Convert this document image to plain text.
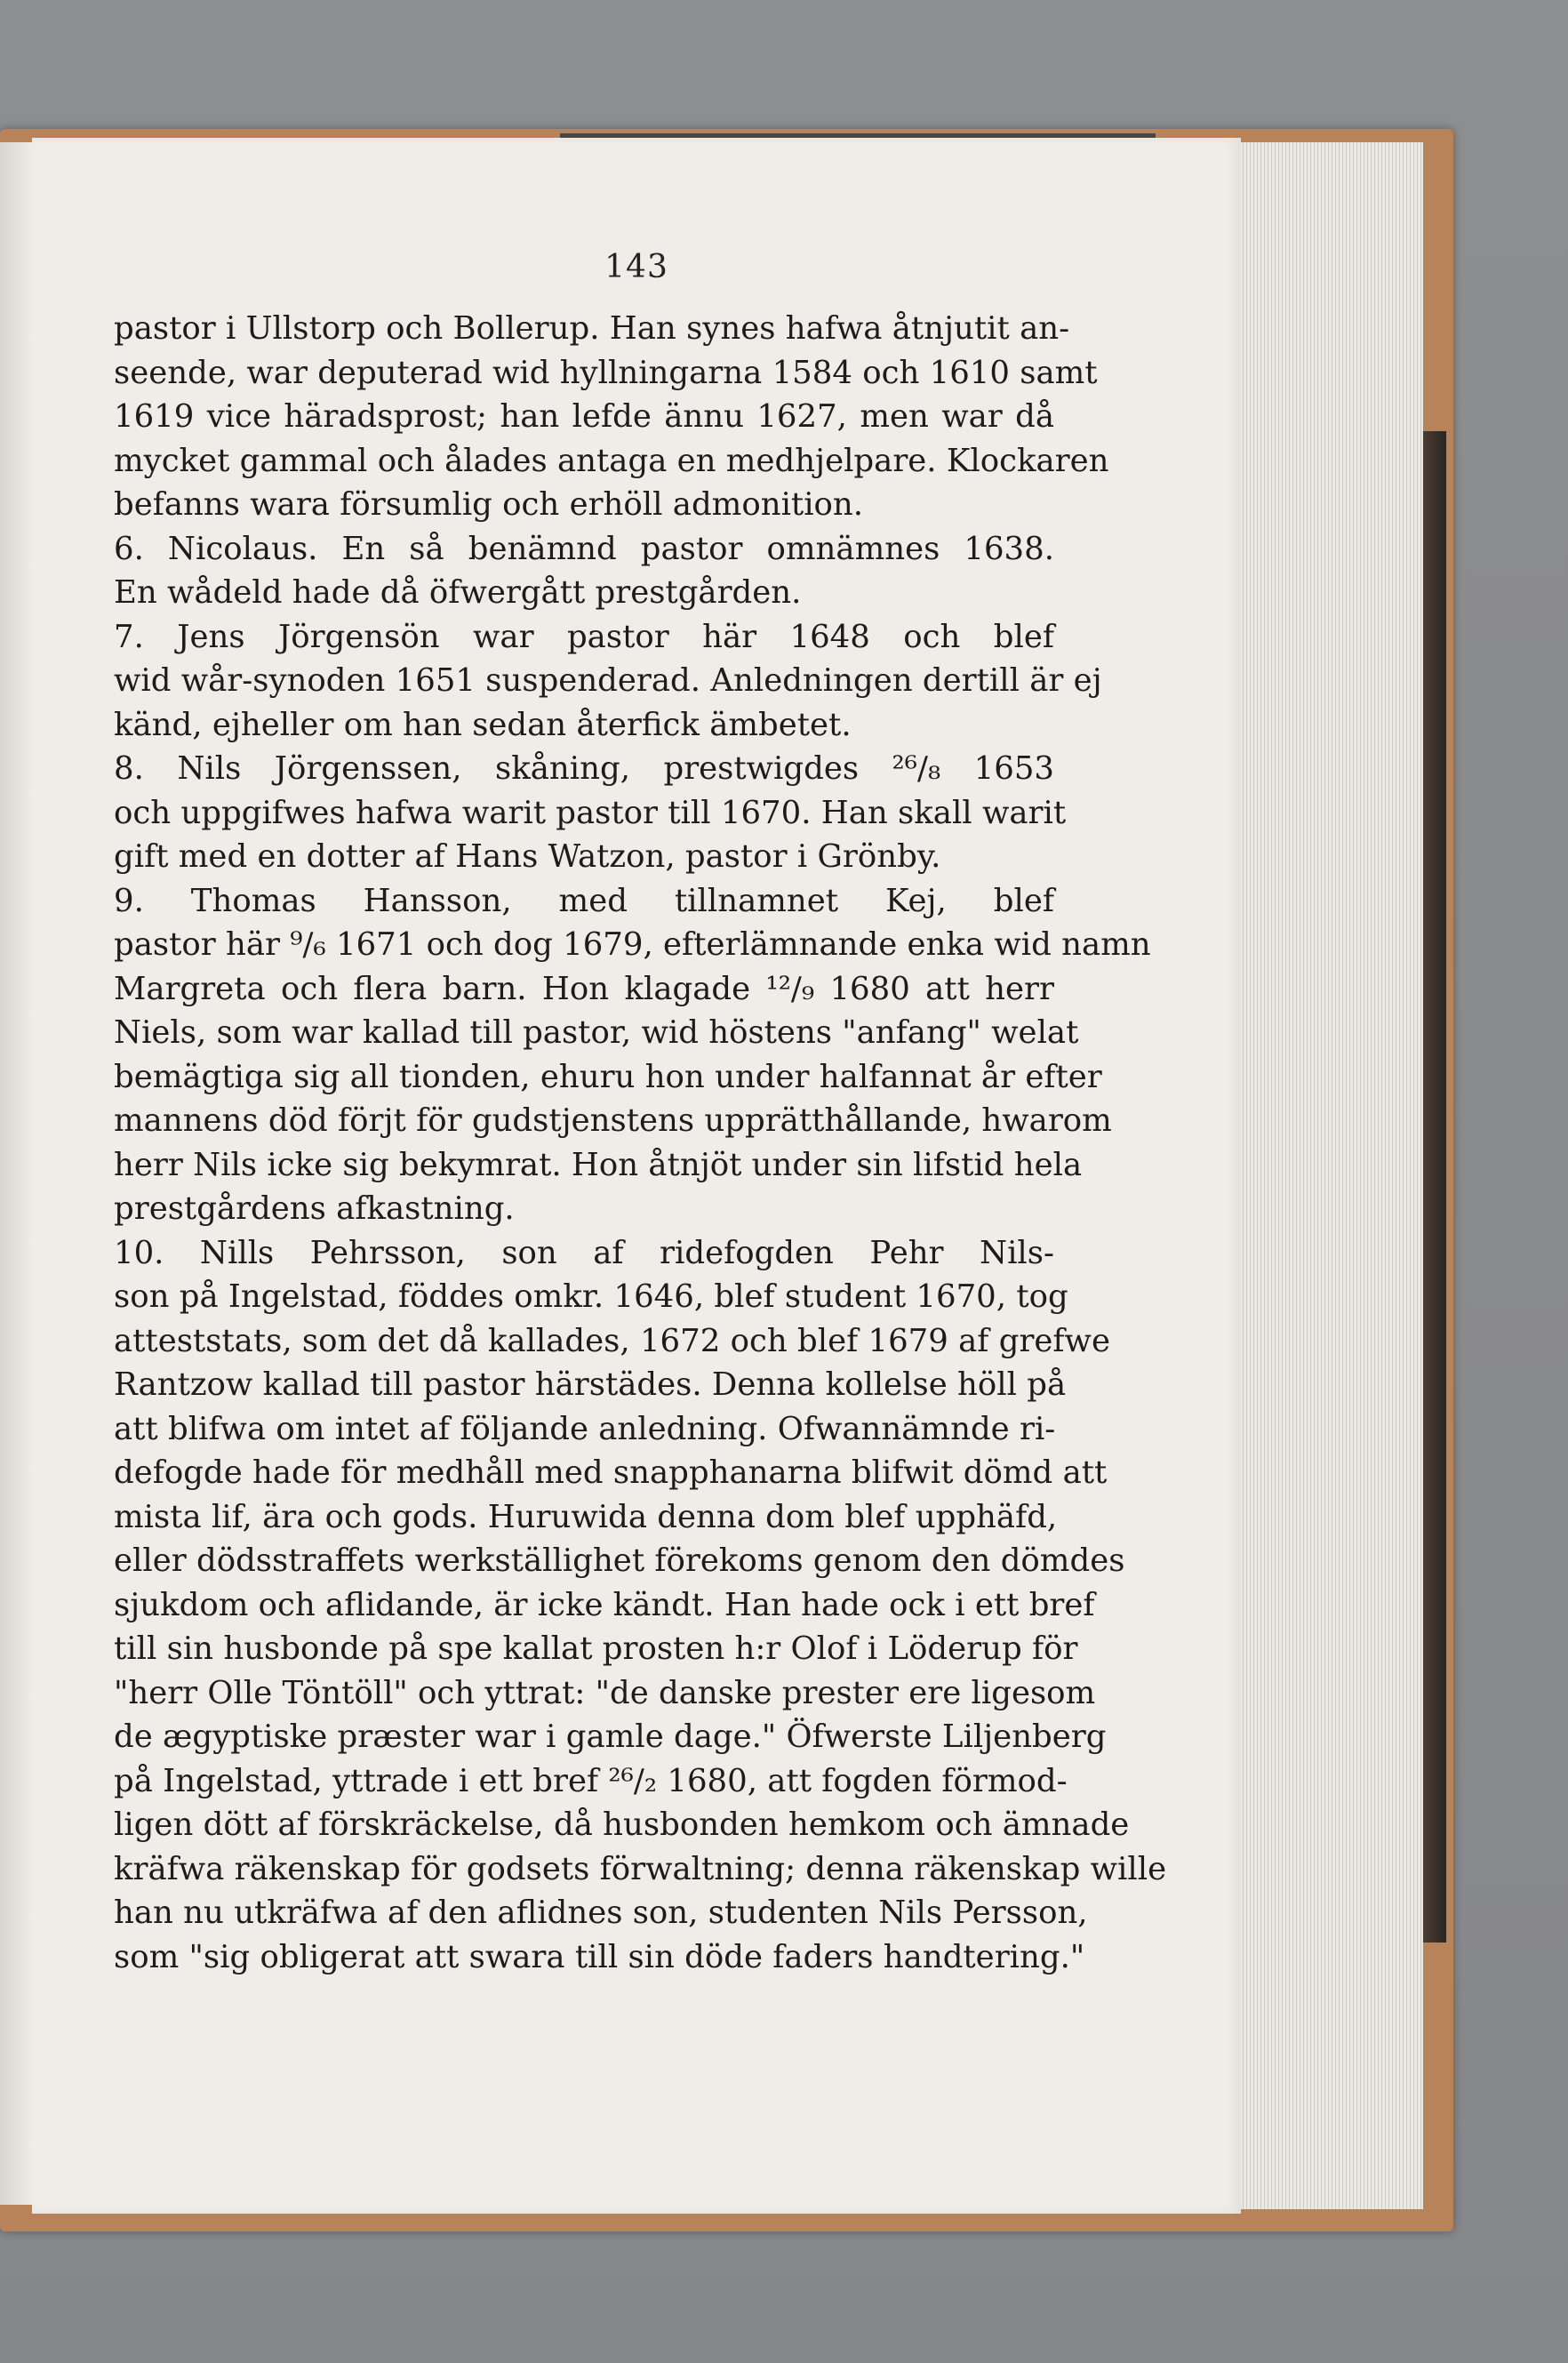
143
pastor i Ullstorp och Bollerup. Han synes hafwa åtnjutit an-
seende, war deputerad wid hyllningarna 1584 och 1610 samt
1619 vice häradsprost; han lefde ännu 1627, men war då
mycket gammal och ålades antaga en medhjelpare. Klockaren
befanns wara försumlig och erhöll admonition.
6. Nicolaus. En så benämnd pastor omnämnes 1638.
En wådeld hade då öfwergått prestgården.
7. Jens Jörgensön war pastor här 1648 och blef
wid wår-synoden 1651 suspenderad. Anledningen dertill är ej
känd, ejheller om han sedan återfick ämbetet.
8. Nils Jörgenssen, skåning, prestwigdes ²⁶/₈ 1653
och uppgifwes hafwa warit pastor till 1670. Han skall warit
gift med en dotter af Hans Watzon, pastor i Grönby.
9. Thomas Hansson, med tillnamnet Kej, blef
pastor här ⁹/₆ 1671 och dog 1679, efterlämnande enka wid namn
Margreta och flera barn. Hon klagade ¹²/₉ 1680 att herr
Niels, som war kallad till pastor, wid höstens "anfang" welat
bemägtiga sig all tionden, ehuru hon under halfannat år efter
mannens död förjt för gudstjenstens upprätthållande, hwarom
herr Nils icke sig bekymrat. Hon åtnjöt under sin lifstid hela
prestgårdens afkastning.
10. Nills Pehrsson, son af ridefogden Pehr Nils-
son på Ingelstad, föddes omkr. 1646, blef student 1670, tog
atteststats, som det då kallades, 1672 och blef 1679 af grefwe
Rantzow kallad till pastor härstädes. Denna kollelse höll på
att blifwa om intet af följande anledning. Ofwannämnde ri-
defogde hade för medhåll med snapphanarna blifwit dömd att
mista lif, ära och gods. Huruwida denna dom blef upphäfd,
eller dödsstraffets werkställighet förekoms genom den dömdes
sjukdom och aflidande, är icke kändt. Han hade ock i ett bref
till sin husbonde på spe kallat prosten h:r Olof i Löderup för
"herr Olle Töntöll" och yttrat: "de danske prester ere ligesom
de ægyptiske præster war i gamle dage." Öfwerste Liljenberg
på Ingelstad, yttrade i ett bref ²⁶/₂ 1680, att fogden förmod-
ligen dött af förskräckelse, då husbonden hemkom och ämnade
kräfwa räkenskap för godsets förwaltning; denna räkenskap wille
han nu utkräfwa af den aflidnes son, studenten Nils Persson,
som "sig obligerat att swara till sin döde faders handtering."
